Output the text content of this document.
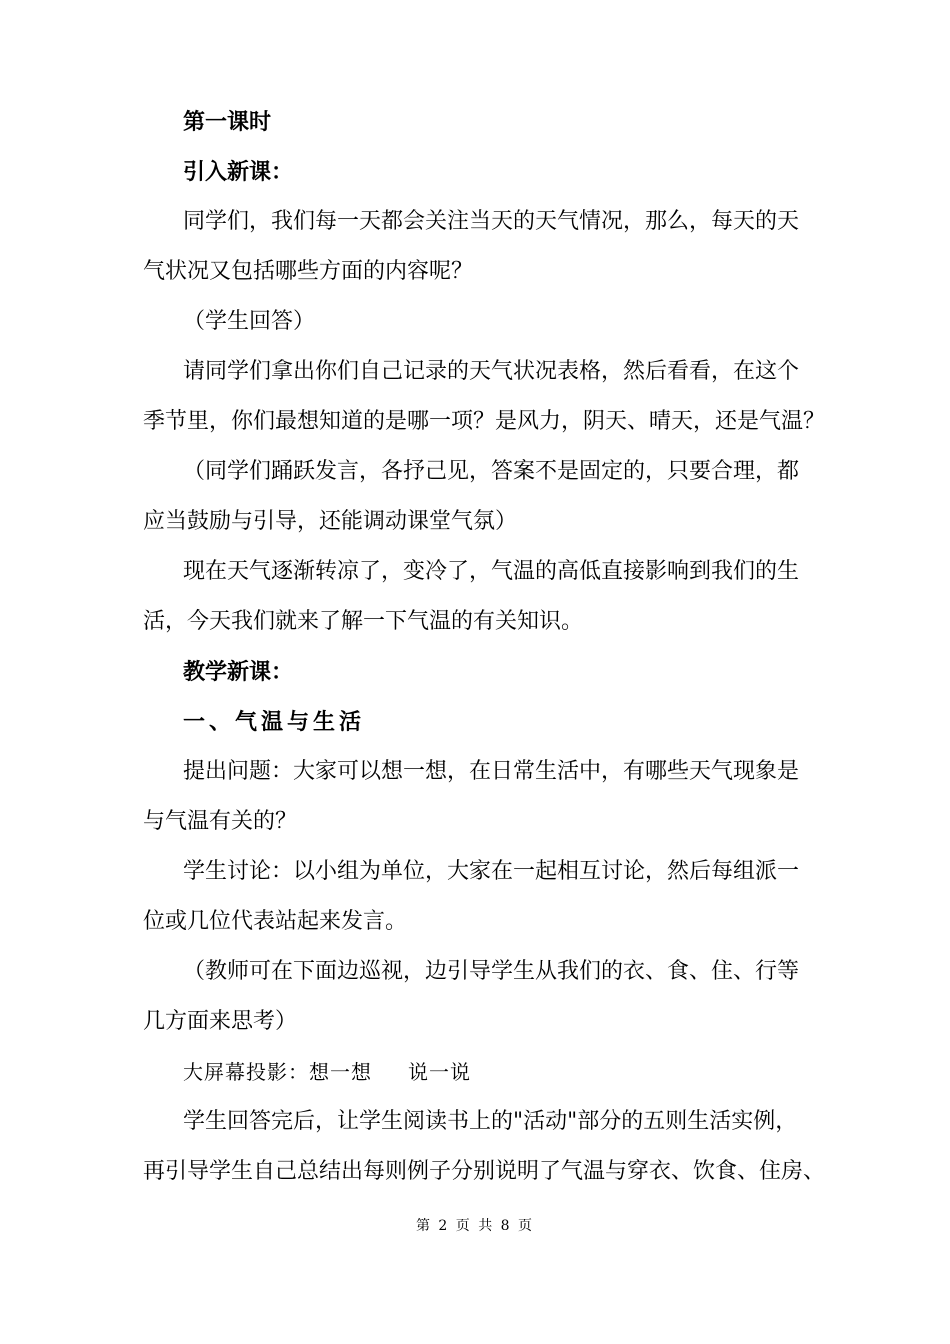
第一课时
引入新课：
同学们，我们每一天都会关注当天的天气情况，那么，每天的天
气状况又包括哪些方面的内容呢？
（学生回答）
请同学们拿出你们自己记录的天气状况表格，然后看看，在这个
季节里，你们最想知道的是哪一项？是风力，阴天、晴天，还是气温？
（同学们踊跃发言，各抒己见，答案不是固定的，只要合理，都
应当鼓励与引导，还能调动课堂气氛）
现在天气逐渐转凉了，变冷了，气温的高低直接影响到我们的生
活，今天我们就来了解一下气温的有关知识。
教学新课：
一、气温与生活
提出问题：大家可以想一想，在日常生活中，有哪些天气现象是
与气温有关的？
学生讨论：以小组为单位，大家在一起相互讨论，然后每组派一
位或几位代表站起来发言。
（教师可在下面边巡视，边引导学生从我们的衣、食、住、行等
几方面来思考）
大屏幕投影：想一想 说一说
学生回答完后，让学生阅读书上的"活动"部分的五则生活实例，
再引导学生自己总结出每则例子分别说明了气温与穿衣、饮食、住房、
第 2 页 共 8 页
